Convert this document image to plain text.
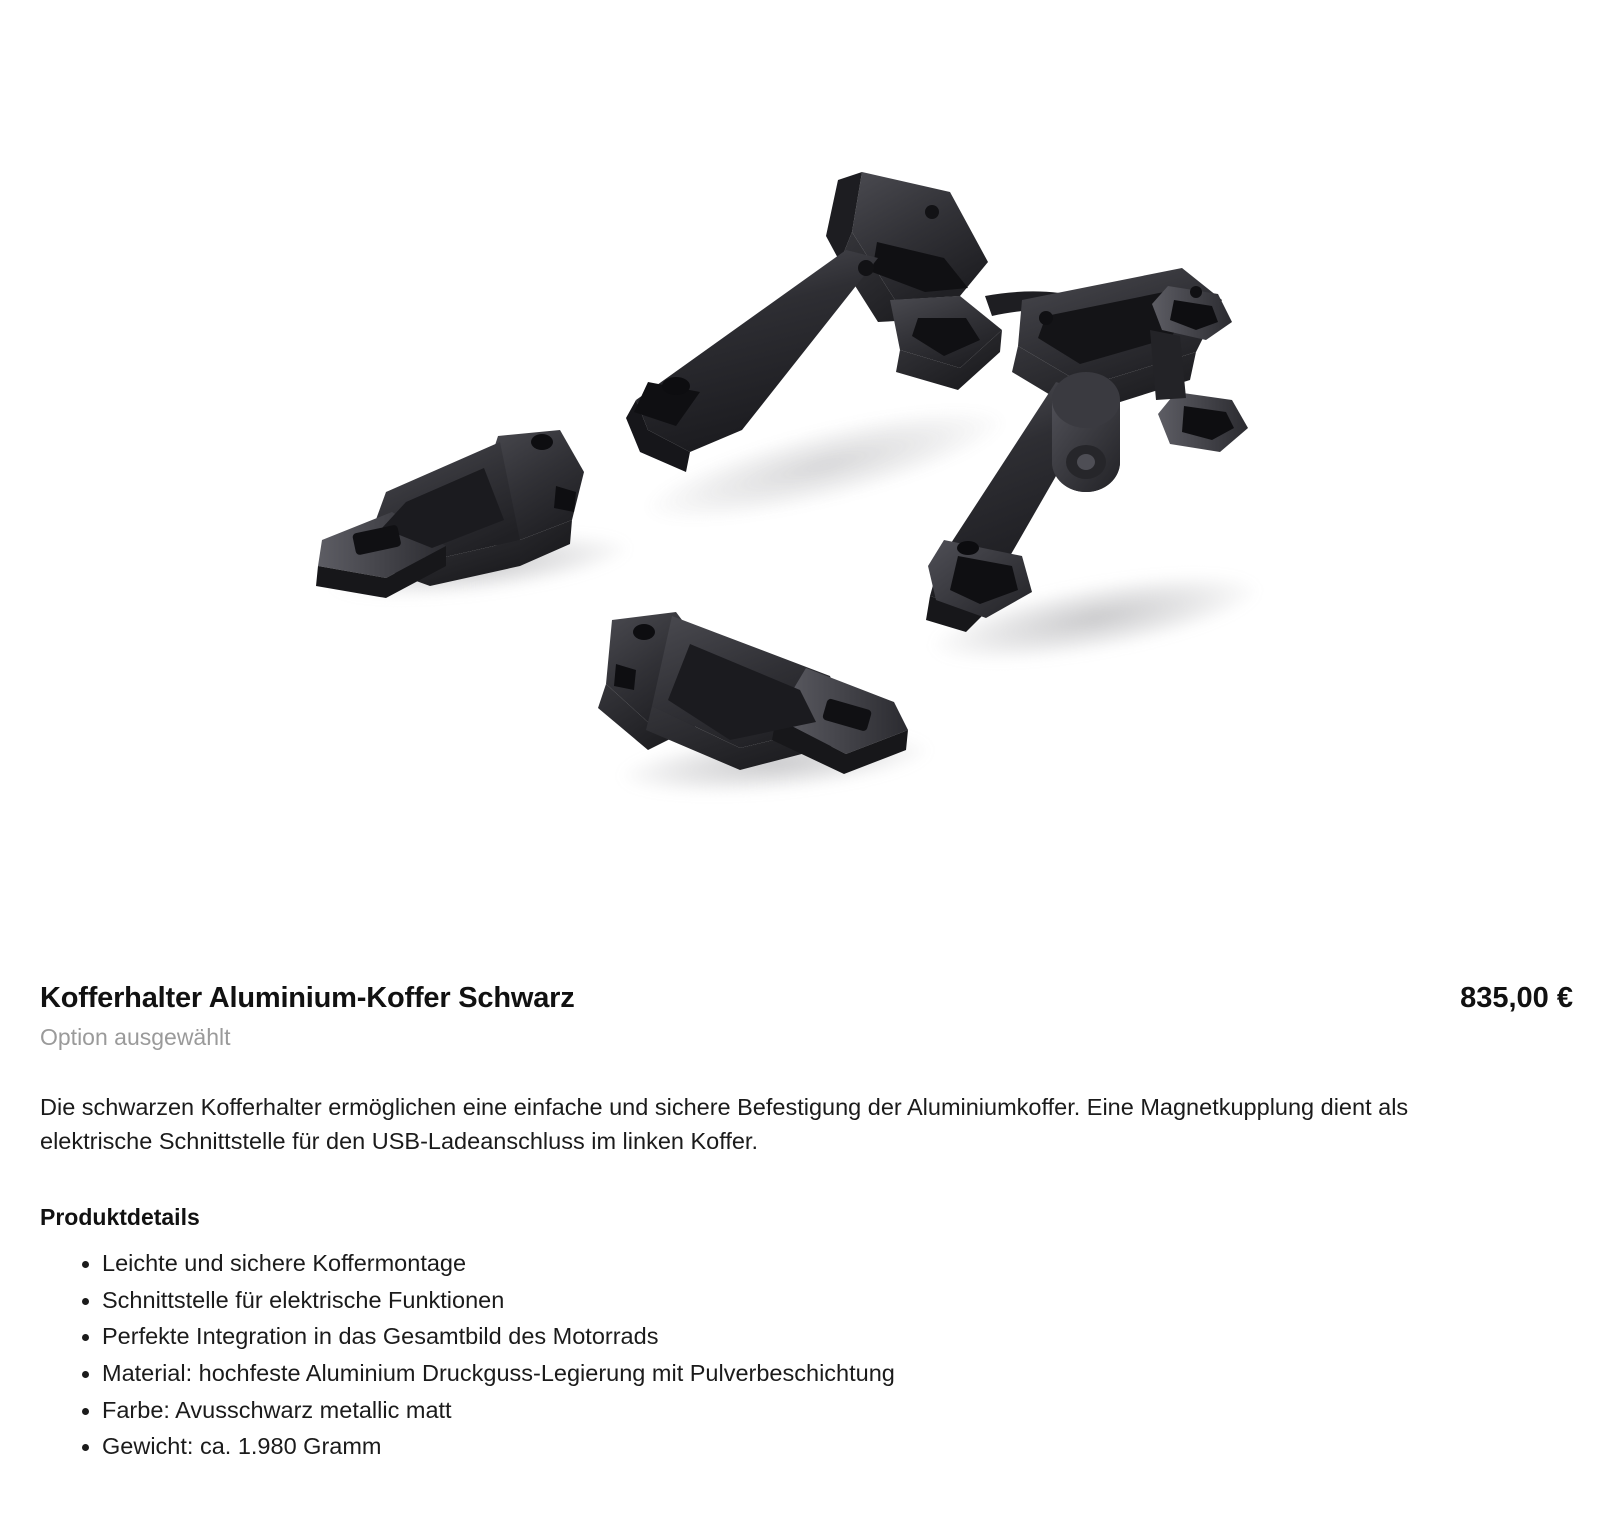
Kofferhalter Aluminium-Koffer Schwarz	835,00 €
Option ausgewählt

Die schwarzen Kofferhalter ermöglichen eine einfache und sichere Befestigung der Aluminiumkoffer. Eine Magnetkupplung dient als elektrische Schnittstelle für den USB-Ladeanschluss im linken Koffer.

Produktdetails
• Leichte und sichere Koffermontage
• Schnittstelle für elektrische Funktionen
• Perfekte Integration in das Gesamtbild des Motorrads
• Material: hochfeste Aluminium Druckguss-Legierung mit Pulverbeschichtung
• Farbe: Avusschwarz metallic matt
• Gewicht: ca. 1.980 Gramm
